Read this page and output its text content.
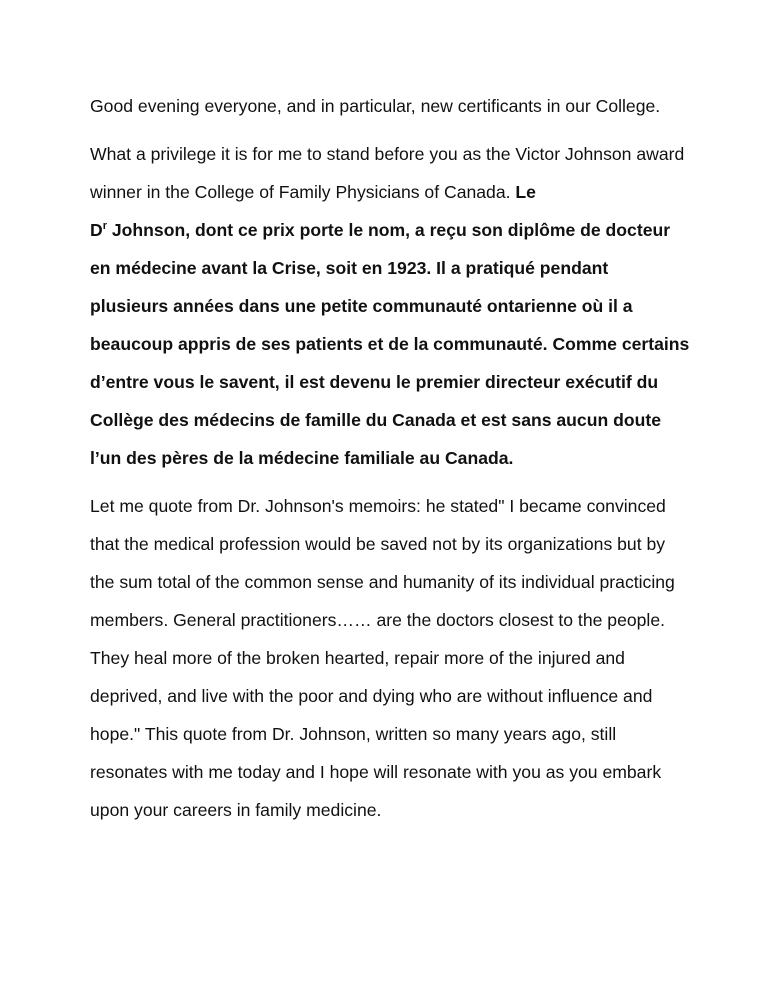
Good evening everyone, and in particular, new certificants in our College.

What a privilege it is for me to stand before you as the Victor Johnson award winner in the College of Family Physicians of Canada. Le
$D^r$ Johnson, dont ce prix porte le nom, a reçu son diplôme de docteur en médecine avant la Crise, soit en 1923. Il a pratiqué pendant plusieurs années dans une petite communauté ontarienne où il a beaucoup appris de ses patients et de la communauté. Comme certains d’entre vous le savent, il est devenu le premier directeur exécutif du Collège des médecins de famille du Canada et est sans aucun doute l’un des pères de la médecine familiale au Canada.

Let me quote from Dr. Johnson's memoirs: he stated" I became convinced that the medical profession would be saved not by its organizations but by the sum total of the common sense and humanity of its individual practicing members. General practitioners…… are the doctors closest to the people. They heal more of the broken hearted, repair more of the injured and deprived, and live with the poor and dying who are without influence and hope." This quote from Dr. Johnson, written so many years ago, still resonates with me today and I hope will resonate with you as you embark upon your careers in family medicine.
